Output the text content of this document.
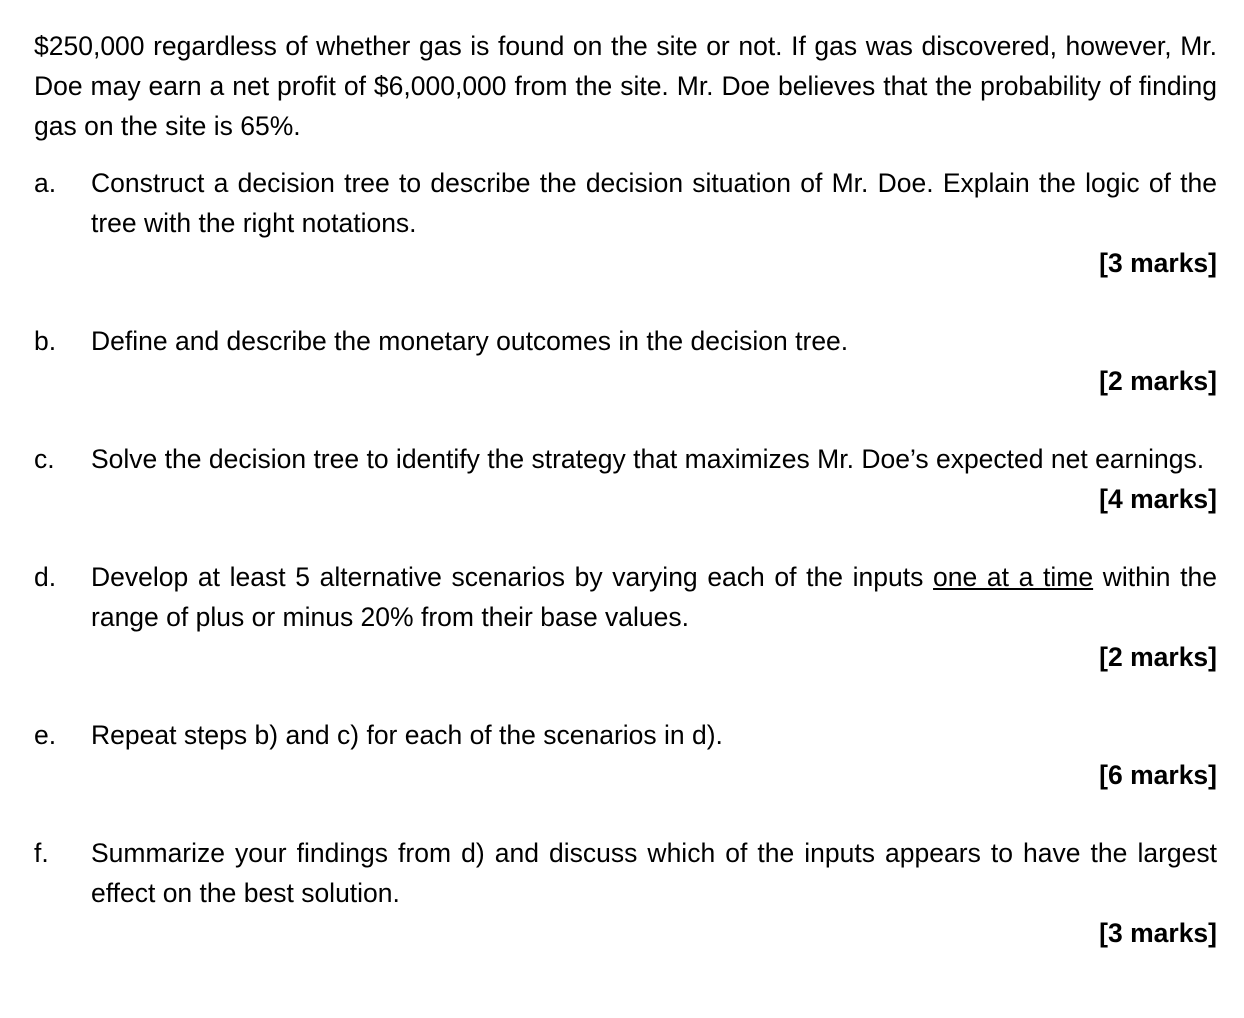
$250,000 regardless of whether gas is found on the site or not. If gas was discovered, however, Mr. Doe may earn a net profit of $6,000,000 from the site. Mr. Doe believes that the probability of finding gas on the site is 65%.

a. Construct a decision tree to describe the decision situation of Mr. Doe. Explain the logic of the tree with the right notations.
[3 marks]
b. Define and describe the monetary outcomes in the decision tree.
[2 marks]
c. Solve the decision tree to identify the strategy that maximizes Mr. Doe’s expected net earnings.
[4 marks]
d. Develop at least 5 alternative scenarios by varying each of the inputs one at a time within the range of plus or minus 20% from their base values.
[2 marks]
e. Repeat steps b) and c) for each of the scenarios in d).
[6 marks]
f. Summarize your findings from d) and discuss which of the inputs appears to have the largest effect on the best solution.
[3 marks]
